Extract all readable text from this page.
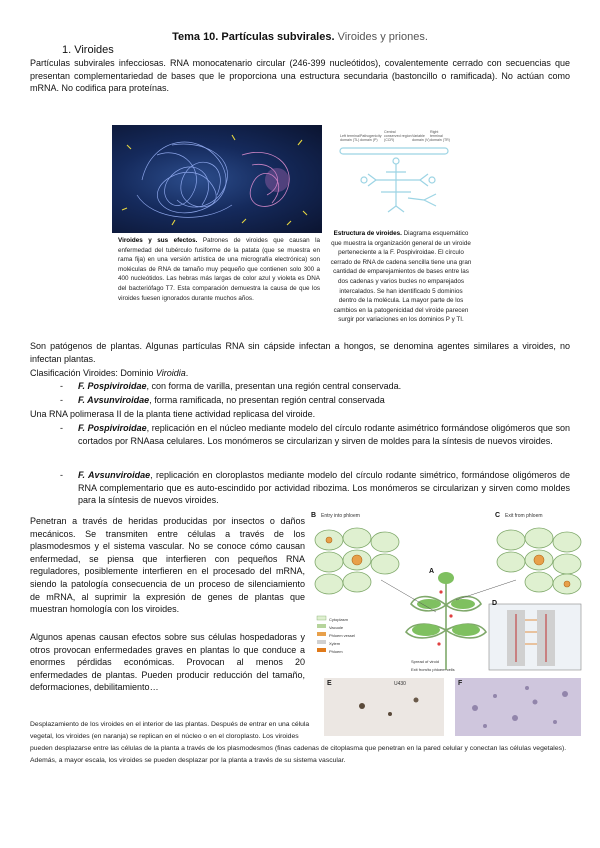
Tema 10. Partículas subvirales. Viroides y priones.
1. Viroides
Partículas subvirales infecciosas. RNA monocatenario circular (246-399 nucleótidos), covalentemente cerrado con secuencias que presentan complementariedad de bases que le proporciona una estructura secundaria (bastoncillo o ramificada). No actúan como mRNA. No codifica para proteínas.
Viroides y sus efectos. Patrones de viroides que causan la enfermedad del tubérculo fusiforme de la patata (que se muestra en rama fija) en una versión artística de una micrografía electrónica) son moléculas de RNA de tamaño muy pequeño que contienen solo 300 a 400 nucleótidos. Las hebras más largas de color azul y violeta es DNA del bacteriófago T7. Esta comparación demuestra la causa de que los viroides fuesen ignorados durante muchos años.
Left terminal domain (TL)Pathogenicity domain (P)Central conserved region (CCR)Variable domain (V)Right terminal domain (TR)
Estructura de viroides. Diagrama esquemático que muestra la organización general de un viroide perteneciente a la F. Pospiviroidae. El círculo cerrado de RNA de cadena sencilla tiene una gran cantidad de emparejamientos de bases entre las dos cadenas y varios bucles no emparejados intercalados. Se han identificado 5 dominios dentro de la molécula. La mayor parte de los cambios en la patogenicidad del viroide parecen surgir por variaciones en los dominios P y TI.
Son patógenos de plantas. Algunas partículas RNA sin cápside infectan a hongos, se denomina agentes similares a viroides, no infectan plantas.
Clasificación Viroides: Dominio Viroidia.
- F. Pospiviroidae, con forma de varilla, presentan una región central conservada.
- F. Avsunviroidae, forma ramificada, no presentan región central conservada
Una RNA polimerasa II de la planta tiene actividad replicasa del viroide.
- F. Pospiviroidae, replicación en el núcleo mediante modelo del círculo rodante asimétrico formándose oligómeros que son cortados por RNAasa celulares. Los monómeros se circularizan y sirven de moldes para la síntesis de nuevos viroides.
- F. Avsunviroidae, replicación en cloroplastos mediante modelo del círculo rodante simétrico, formándose oligómeros de RNA complementario que es auto-escindido por actividad ribozima. Los monómeros se circularizan y sirven como moldes para la síntesis de nuevos viroides.
Penetran a través de heridas producidas por insectos o daños mecánicos. Se transmiten entre células a través de los plasmodesmos y el sistema vascular. No se conoce cómo causan enfermedad, se piensa que interfieren con pequeños RNA reguladores, posiblemente interfieren en el procesado del mRNA, siendo la patología consecuencia de un proceso de silenciamiento de mRNA, al suprimir la expresión de genes de plantas que muestran homología con los viroides.
Algunos apenas causan efectos sobre sus células hospedadoras y otros provocan enfermedades graves en plantas lo que conduce a enormes pérdidas económicas. Provocan al menos 20 enfermedades de plantas. Pueden producir reducción del tamaño, deformaciones, debilitamiento…
B Entry into phloem	C Exit from phloem
A
D
Cytoplasm
Vacuole
Phloem vessel
Xylem
Phloem
Spread of viroid
Exit from/to phloem cells
E	U430	F
Desplazamiento de los viroides en el interior de las plantas. Después de entrar en una célula vegetal, los viroides (en naranja) se replican en el núcleo o en el cloroplasto. Los viroides pueden desplazarse entre las células de la planta a través de los plasmodesmos (finas cadenas de citoplasma que penetran en la pared celular y conectan las células vegetales). Además, a mayor escala, los viroides se pueden desplazar por la planta a través de su sistema vascular.
